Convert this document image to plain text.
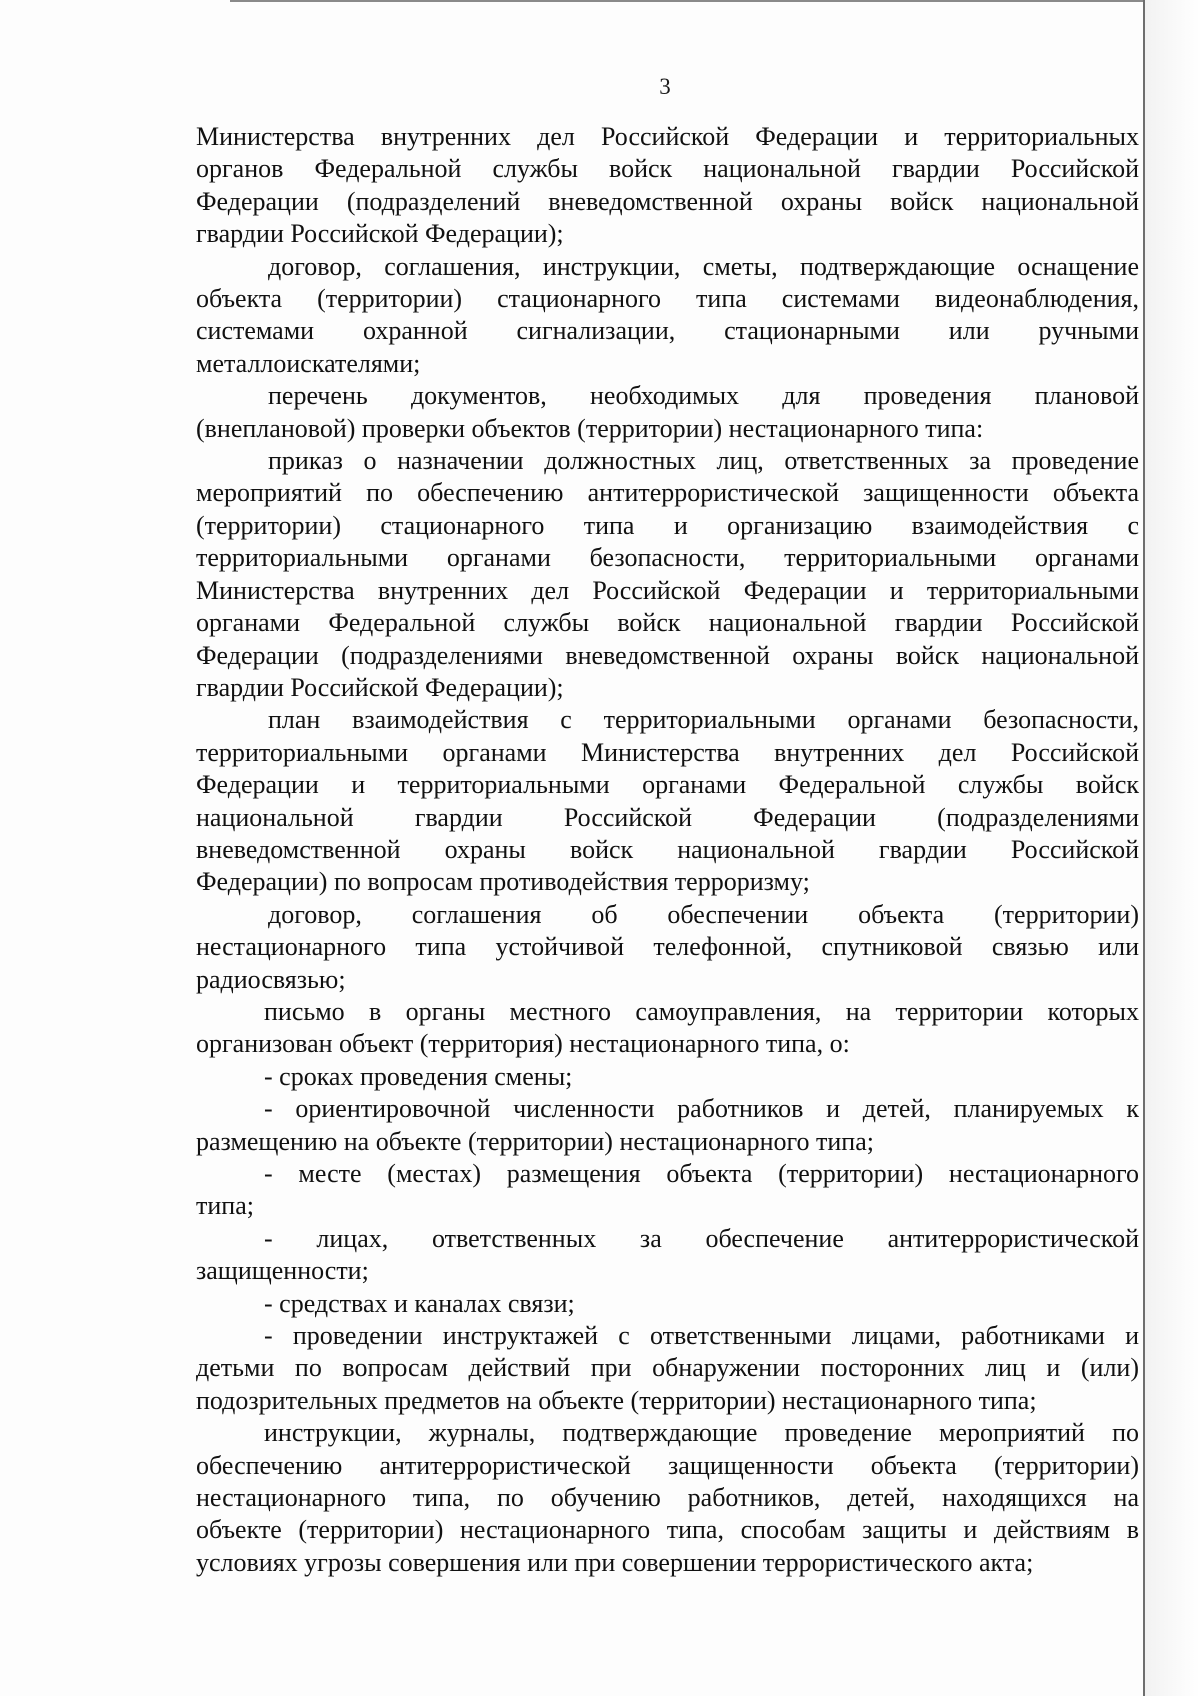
3
Министерства внутренних дел Российской Федерации и территориальных
органов Федеральной службы войск национальной гвардии Российской
Федерации (подразделений вневедомственной охраны войск национальной
гвардии Российской Федерации);
договор, соглашения, инструкции, сметы, подтверждающие оснащение
объекта (территории) стационарного типа системами видеонаблюдения,
системами охранной сигнализации, стационарными или ручными
металлоискателями;
перечень документов, необходимых для проведения плановой
(внеплановой) проверки объектов (территории) нестационарного типа:
приказ о назначении должностных лиц, ответственных за проведение
мероприятий по обеспечению антитеррористической защищенности объекта
(территории) стационарного типа и организацию взаимодействия с
территориальными органами безопасности, территориальными органами
Министерства внутренних дел Российской Федерации и территориальными
органами Федеральной службы войск национальной гвардии Российской
Федерации (подразделениями вневедомственной охраны войск национальной
гвардии Российской Федерации);
план взаимодействия с территориальными органами безопасности,
территориальными органами Министерства внутренних дел Российской
Федерации и территориальными органами Федеральной службы войск
национальной гвардии Российской Федерации (подразделениями
вневедомственной охраны войск национальной гвардии Российской
Федерации) по вопросам противодействия терроризму;
договор, соглашения об обеспечении объекта (территории)
нестационарного типа устойчивой телефонной, спутниковой связью или
радиосвязью;
письмо в органы местного самоуправления, на территории которых
организован объект (территория) нестационарного типа, о:
- сроках проведения смены;
- ориентировочной численности работников и детей, планируемых к
размещению на объекте (территории) нестационарного типа;
- месте (местах) размещения объекта (территории) нестационарного
типа;
- лицах, ответственных за обеспечение антитеррористической
защищенности;
- средствах и каналах связи;
- проведении инструктажей с ответственными лицами, работниками и
детьми по вопросам действий при обнаружении посторонних лиц и (или)
подозрительных предметов на объекте (территории) нестационарного типа;
инструкции, журналы, подтверждающие проведение мероприятий по
обеспечению антитеррористической защищенности объекта (территории)
нестационарного типа, по обучению работников, детей, находящихся на
объекте (территории) нестационарного типа, способам защиты и действиям в
условиях угрозы совершения или при совершении террористического акта;
